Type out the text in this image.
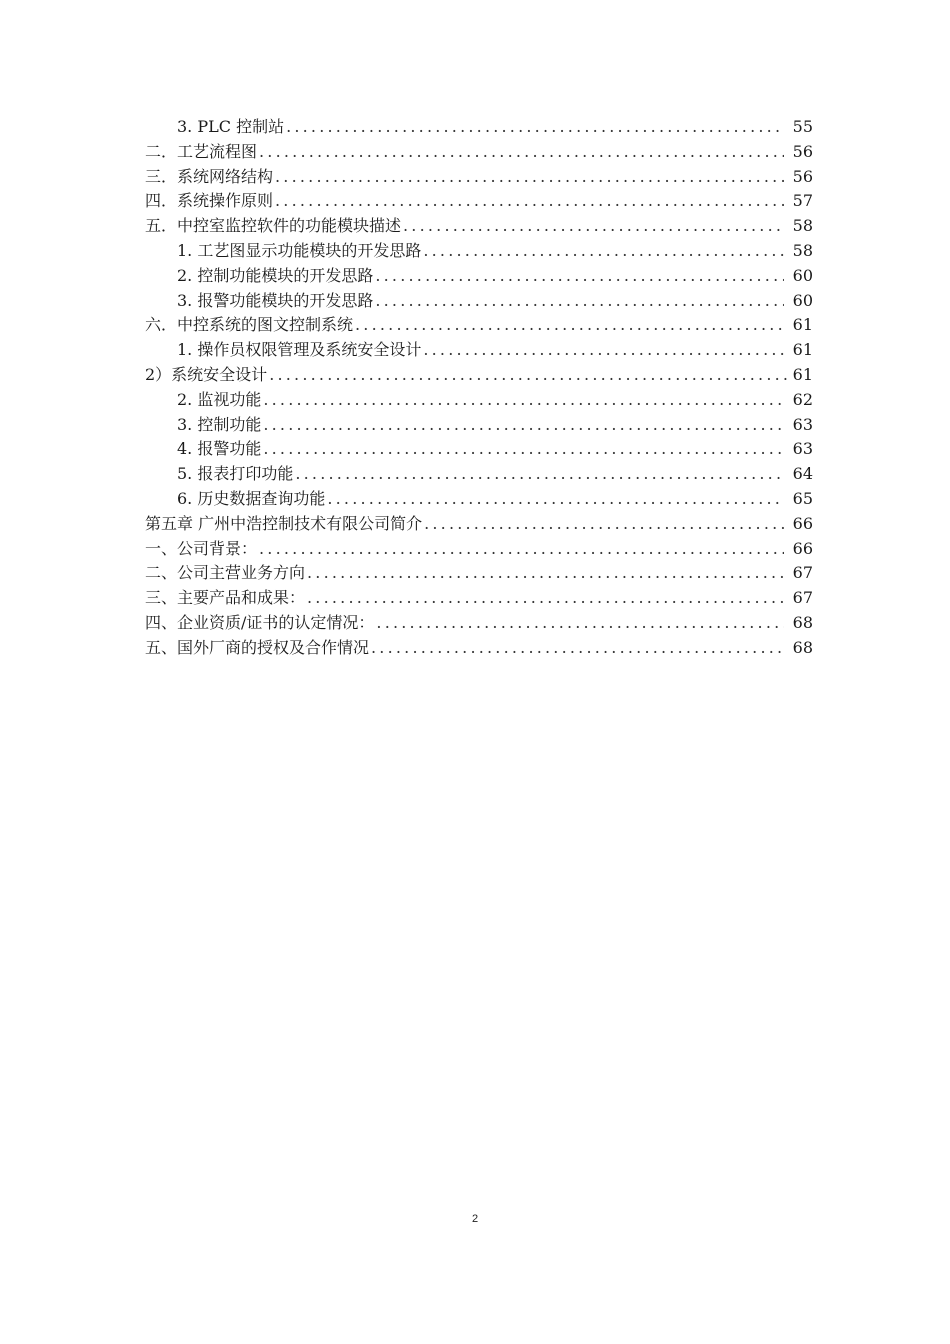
3. PLC 控制站 .....	55
二．工艺流程图 .....	56
三．系统网络结构 .....	56
四．系统操作原则 .....	57
五．中控室监控软件的功能模块描述 .....	58
1. 工艺图显示功能模块的开发思路 .....	58
2. 控制功能模块的开发思路 .....	60
3. 报警功能模块的开发思路 .....	60
六．中控系统的图文控制系统 .....	61
1. 操作员权限管理及系统安全设计 .....	61
2）系统安全设计 .....	61
2. 监视功能 .....	62
3. 控制功能 .....	63
4. 报警功能 .....	63
5. 报表打印功能 .....	64
6. 历史数据查询功能 .....	65
第五章 广州中浩控制技术有限公司简介 .....	66
一、公司背景： .....	66
二、公司主营业务方向 .....	67
三、主要产品和成果： .....	67
四、企业资质/证书的认定情况： .....	68
五、国外厂商的授权及合作情况 .....	68
2
